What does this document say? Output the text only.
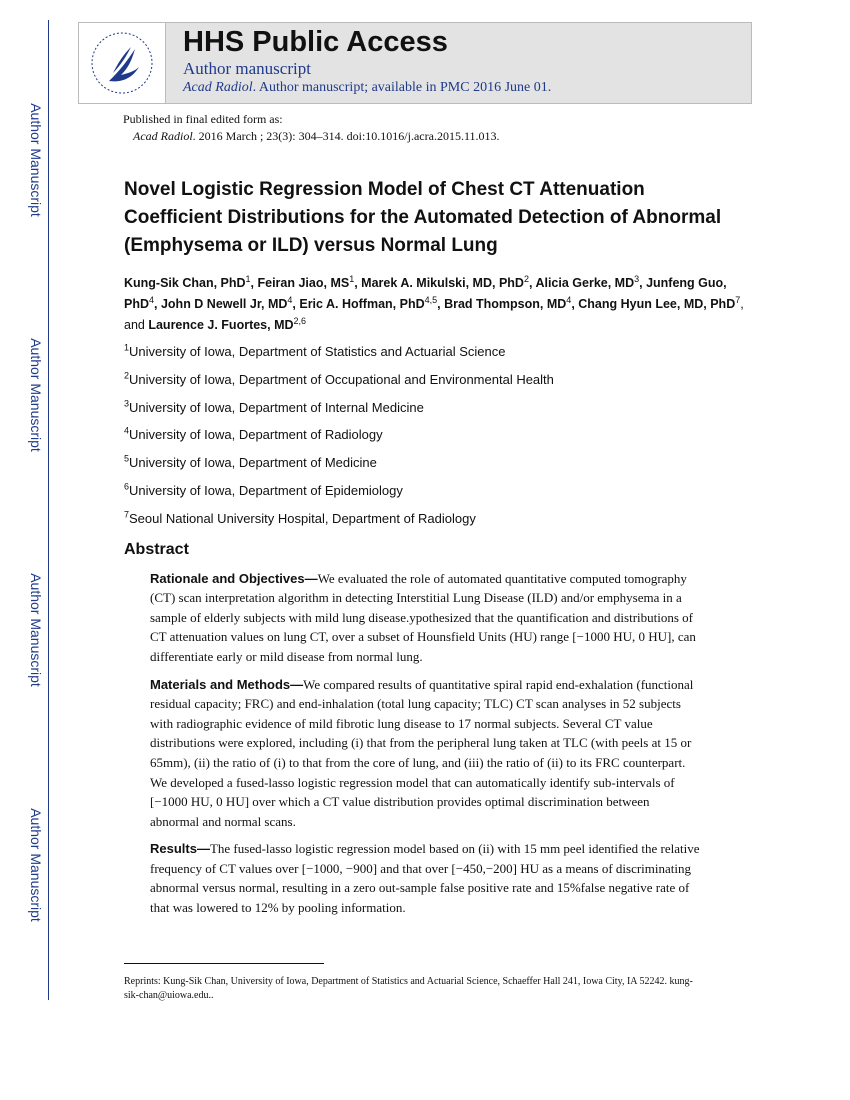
Author Manuscript
Author Manuscript
Author Manuscript
Author Manuscript
HHS Public Access
Author manuscript
Acad Radiol. Author manuscript; available in PMC 2016 June 01.
Published in final edited form as:
Acad Radiol. 2016 March ; 23(3): 304–314. doi:10.1016/j.acra.2015.11.013.
Novel Logistic Regression Model of Chest CT Attenuation Coefficient Distributions for the Automated Detection of Abnormal (Emphysema or ILD) versus Normal Lung
Kung-Sik Chan, PhD$^1$, Feiran Jiao, $MS^1$, Marek A. Mikulski, MD, PhD$^2$, Alicia Gerke, $MD^3$, Junfeng Guo, PhD$^4$, John D Newell Jr, $MD^4$, Eric A. Hoffman, PhD$^{4,5}$, Brad Thompson, $MD^4$, Chang Hyun Lee, MD, PhD$^7$, and Laurence J. Fuortes, MD$^{2,6}$
$^1$University of Iowa, Department of Statistics and Actuarial Science
$^2$University of Iowa, Department of Occupational and Environmental Health
$^3$University of Iowa, Department of Internal Medicine
$^4$University of Iowa, Department of Radiology
$^5$University of Iowa, Department of Medicine
$^6$University of Iowa, Department of Epidemiology
$^7$Seoul National University Hospital, Department of Radiology
Abstract
Rationale and Objectives—We evaluated the role of automated quantitative computed tomography (CT) scan interpretation algorithm in detecting Interstitial Lung Disease (ILD) and/or emphysema in a sample of elderly subjects with mild lung disease.ypothesized that the quantification and distributions of CT attenuation values on lung CT, over a subset of Hounsfield Units (HU) range [−1000 HU, 0 HU], can differentiate early or mild disease from normal lung.
Materials and Methods—We compared results of quantitative spiral rapid end-exhalation (functional residual capacity; FRC) and end-inhalation (total lung capacity; TLC) CT scan analyses in 52 subjects with radiographic evidence of mild fibrotic lung disease to 17 normal subjects. Several CT value distributions were explored, including (i) that from the peripheral lung taken at TLC (with peels at 15 or 65mm), (ii) the ratio of (i) to that from the core of lung, and (iii) the ratio of (ii) to its FRC counterpart. We developed a fused-lasso logistic regression model that can automatically identify sub-intervals of [−1000 HU, 0 HU] over which a CT value distribution provides optimal discrimination between abnormal and normal scans.
Results—The fused-lasso logistic regression model based on (ii) with 15 mm peel identified the relative frequency of CT values over [−1000, −900] and that over [−450,−200] HU as a means of discriminating abnormal versus normal, resulting in a zero out-sample false positive rate and 15%false negative rate of that was lowered to 12% by pooling information.
Reprints: Kung-Sik Chan, University of Iowa, Department of Statistics and Actuarial Science, Schaeffer Hall 241, Iowa City, IA 52242. kung-sik-chan@uiowa.edu..
